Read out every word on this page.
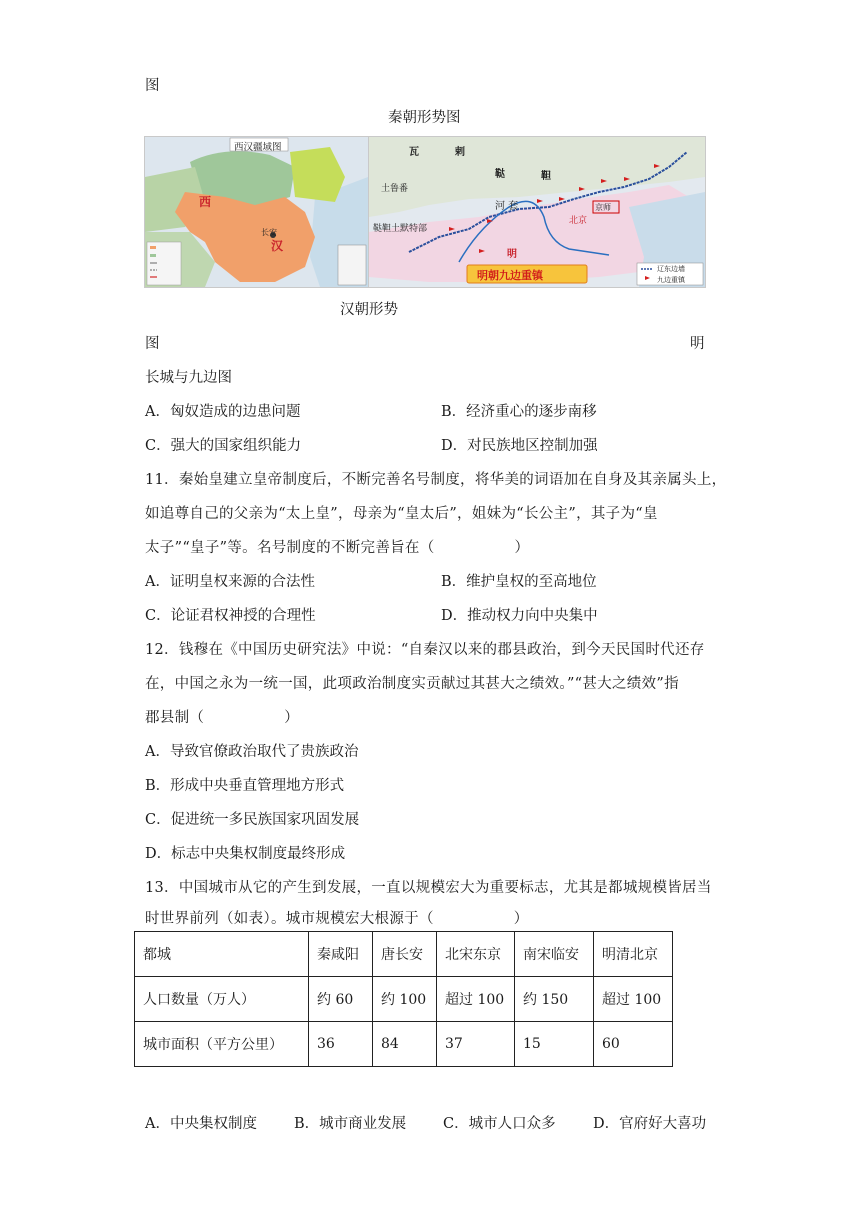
图
秦朝形势图
西汉疆域图
西
汉
长安
瓦	剌
鞑	靼
土鲁番
河 套
明
京师
北京
鞑靼土默特部
明朝九边重镇	辽东边墙
九边重镇
汉朝形势
图	明
长城与九边图
A．匈奴造成的边患问题	B．经济重心的逐步南移
C．强大的国家组织能力	D．对民族地区控制加强
11．秦始皇建立皇帝制度后，不断完善名号制度，将华美的词语加在自身及其亲属头上，
如追尊自己的父亲为“太上皇”，母亲为“皇太后”，姐妹为“长公主”，其子为“皇
太子”“皇子”等。名号制度的不断完善旨在（	）
A．证明皇权来源的合法性	B．维护皇权的至高地位
C．论证君权神授的合理性	D．推动权力向中央集中
12．钱穆在《中国历史研究法》中说：“自秦汉以来的郡县政治，到今天民国时代还存
在，中国之永为一统一国，此项政治制度实贡献过其甚大之绩效。”“甚大之绩效”指
郡县制（	）
A．导致官僚政治取代了贵族政治
B．形成中央垂直管理地方形式
C．促进统一多民族国家巩固发展
D．标志中央集权制度最终形成
13．中国城市从它的产生到发展，一直以规模宏大为重要标志，尤其是都城规模皆居当
时世界前列（如表）。城市规模宏大根源于（	）
都城	秦咸阳	唐长安	北宋东京	南宋临安	明清北京
人口数量（万人）	约 60	约 100	超过 100	约 150	超过 100
城市面积（平方公里）	36	84	37	15	60
A．中央集权制度	B．城市商业发展	C．城市人口众多	D．官府好大喜功
